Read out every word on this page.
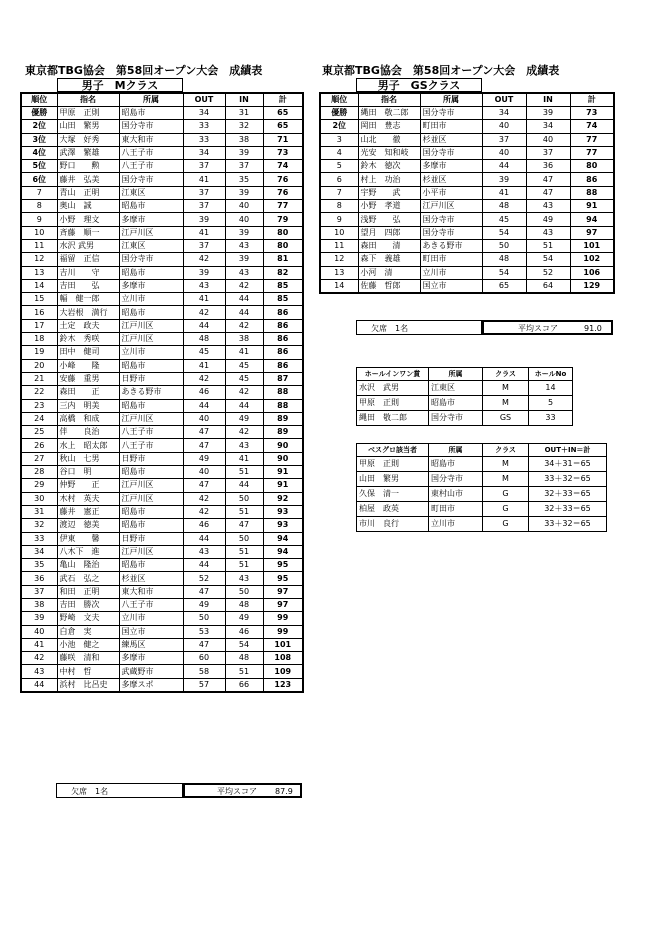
東京都TBG協会　第58回オープン大会　成績表
男子　Mクラス
順位	指名	所属	OUT	IN	計
優勝	甲原　正則	昭島市	34	31	65
2位	山田　繁男	国分寺市	33	32	65
3位	大塚　好秀	東大和市	33	38	71
4位	武澤　繁雄	八王子市	34	39	73
5位	野口　　勲	八王子市	37	37	74
6位	藤井　弘美	国分寺市	41	35	76
7	青山　正明	江東区	37	39	76
8	奥山　誠	昭島市	37	40	77
9	小野　理文	多摩市	39	40	79
10	斉藤　順一	江戸川区	41	39	80
11	水沢 武男	江東区	37	43	80
12	福留　正信	国分寺市	42	39	81
13	吉川　　守	昭島市	39	43	82
14	吉田　　弘	多摩市	43	42	85
15	幅　健一郎	立川市	41	44	85
16	大岩根　満行	昭島市	42	44	86
17	土定　政夫	江戸川区	44	42	86
18	鈴木　秀咲	江戸川区	48	38	86
19	田中　健司	立川市	45	41	86
20	小峰　　隆	昭島市	41	45	86
21	安藤　重男	日野市	42	45	87
22	森田　　正	あきる野市	46	42	88
23	三内　明美	昭島市	44	44	88
24	高橋　和成	江戸川区	40	49	89
25	伴　　良治	八王子市	47	42	89
26	水上　昭太郎	八王子市	47	43	90
27	秋山　七男	日野市	49	41	90
28	谷口　明	昭島市	40	51	91
29	仲野　　正	江戸川区	47	44	91
30	木村　英夫	江戸川区	42	50	92
31	藤井　憲正	昭島市	42	51	93
32	渡辺　徳美	昭島市	46	47	93
33	伊東　　馨	日野市	44	50	94
34	八木下　進	江戸川区	43	51	94
35	亀山　隆治	昭島市	44	51	95
36	武石　弘之	杉並区	52	43	95
37	和田　正明	東大和市	47	50	97
38	吉田　勝次	八王子市	49	48	97
39	野崎　文夫	立川市	50	49	99
40	白倉　実	国立市	53	46	99
41	小池　健之	練馬区	47	54	101
42	藤咲　清和	多摩市	60	48	108
43	中村　哲	武蔵野市	58	51	109
44	浜村　比呂史	多摩スポ	57	66	123
欠席　1名	平均スコア 87.9
東京都TBG協会　第58回オープン大会　成績表
男子　GSクラス
順位	指名	所属	OUT	IN	計
優勝	縄田　敬二郎	国分寺市	34	39	73
2位	岡田　豊志	町田市	40	34	74
3	山北　　徹	杉並区	37	40	77
4	光安　知和岐	国分寺市	40	37	77
5	鈴木　徳次	多摩市	44	36	80
6	村上　功治	杉並区	39	47	86
7	宇野　　武	小平市	41	47	88
8	小野　孝道	江戸川区	48	43	91
9	浅野　　弘	国分寺市	45	49	94
10	望月　四郎	国分寺市	54	43	97
11	森田　　清	あきる野市	50	51	101
12	森下　義雄	町田市	48	54	102
13	小河　清	立川市	54	52	106
14	佐藤　哲郎	国立市	65	64	129
欠席　1名	平均スコア	91.0
ホールインワン賞	所属	クラス	ホールNo
水沢　武男	江東区	M	14
甲原　正則	昭島市	M	5
縄田　敬二郎	国分寺市	GS	33
ベスグロ該当者	所属	クラス	OUT＋IN＝計
甲原　正則	昭島市	M	34＋31＝65
山田　繁男	国分寺市	M	33＋32＝65
久保　清一	東村山市	G	32＋33＝65
柏屋　政英	町田市	G	32＋33＝65
市川　良行	立川市	G	33＋32＝65
